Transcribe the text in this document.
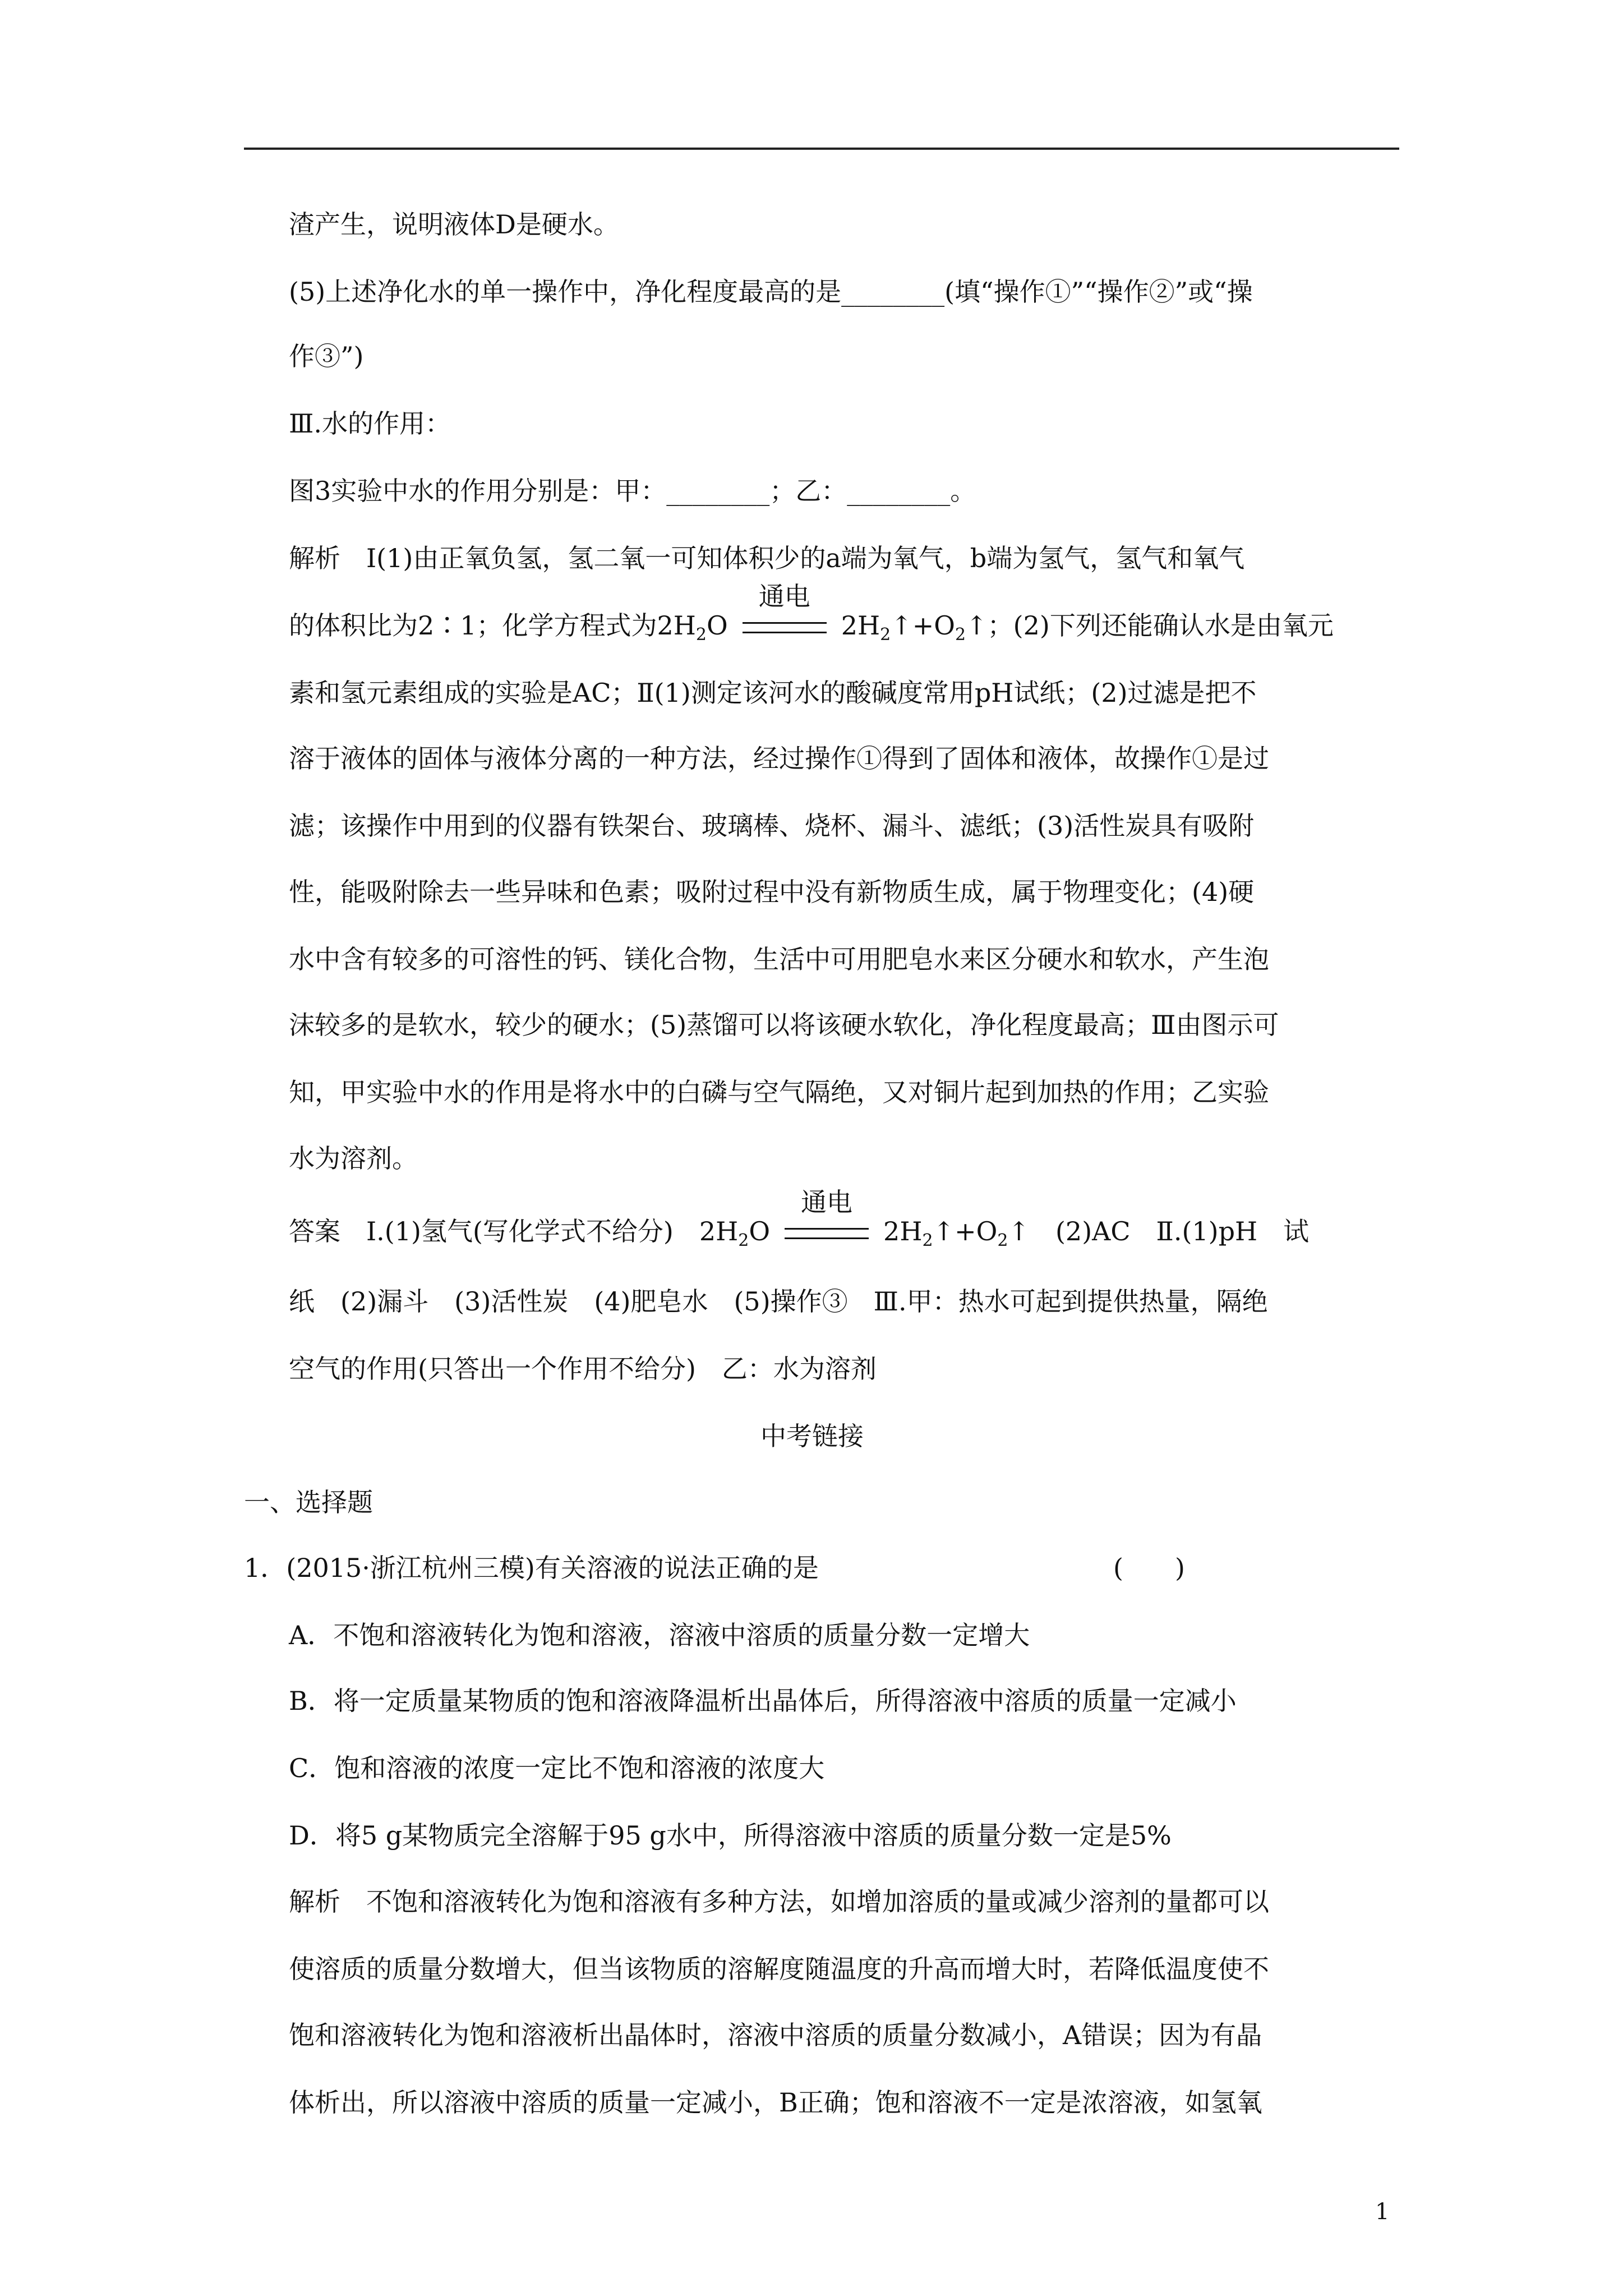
渣产生，说明液体D是硬水。
(5)上述净化水的单一操作中，净化程度最高的是________(填“操作①”“操作②”或“操
作③”)
Ⅲ.水的作用：
图3实验中水的作用分别是：甲：________；乙：________。
解析　Ⅰ(1)由正氧负氢，氢二氧一可知体积少的a端为氧气，b端为氢气，氢气和氧气
的体积比为2∶1；化学方程式为$2H_2O$
通电
$2H_2↑+O_2↑$；(2)下列还能确认水是由氧元
素和氢元素组成的实验是AC；Ⅱ(1)测定该河水的酸碱度常用pH试纸；(2)过滤是把不
溶于液体的固体与液体分离的一种方法，经过操作①得到了固体和液体，故操作①是过
滤；该操作中用到的仪器有铁架台、玻璃棒、烧杯、漏斗、滤纸；(3)活性炭具有吸附
性，能吸附除去一些异味和色素；吸附过程中没有新物质生成，属于物理变化；(4)硬
水中含有较多的可溶性的钙、镁化合物，生活中可用肥皂水来区分硬水和软水，产生泡
沫较多的是软水，较少的硬水；(5)蒸馏可以将该硬水软化，净化程度最高；Ⅲ由图示可
知，甲实验中水的作用是将水中的白磷与空气隔绝，又对铜片起到加热的作用；乙实验
水为溶剂。
答案　Ⅰ.(1)氢气(写化学式不给分)　$2H_2O$
通电
$2H_2↑+O_2↑$　(2)AC　Ⅱ.(1)pH　试
纸　(2)漏斗　(3)活性炭　(4)肥皂水　(5)操作③　Ⅲ.甲：热水可起到提供热量，隔绝
空气的作用(只答出一个作用不给分)　乙：水为溶剂
中考链接
一、选择题
1．(2015·浙江杭州三模)有关溶液的说法正确的是	(　　)
A．不饱和溶液转化为饱和溶液，溶液中溶质的质量分数一定增大
B．将一定质量某物质的饱和溶液降温析出晶体后，所得溶液中溶质的质量一定减小
C．饱和溶液的浓度一定比不饱和溶液的浓度大
D．将5 g某物质完全溶解于95 g水中，所得溶液中溶质的质量分数一定是5%
解析　不饱和溶液转化为饱和溶液有多种方法，如增加溶质的量或减少溶剂的量都可以
使溶质的质量分数增大，但当该物质的溶解度随温度的升高而增大时，若降低温度使不
饱和溶液转化为饱和溶液析出晶体时，溶液中溶质的质量分数减小，A错误；因为有晶
体析出，所以溶液中溶质的质量一定减小，B正确；饱和溶液不一定是浓溶液，如氢氧
1
